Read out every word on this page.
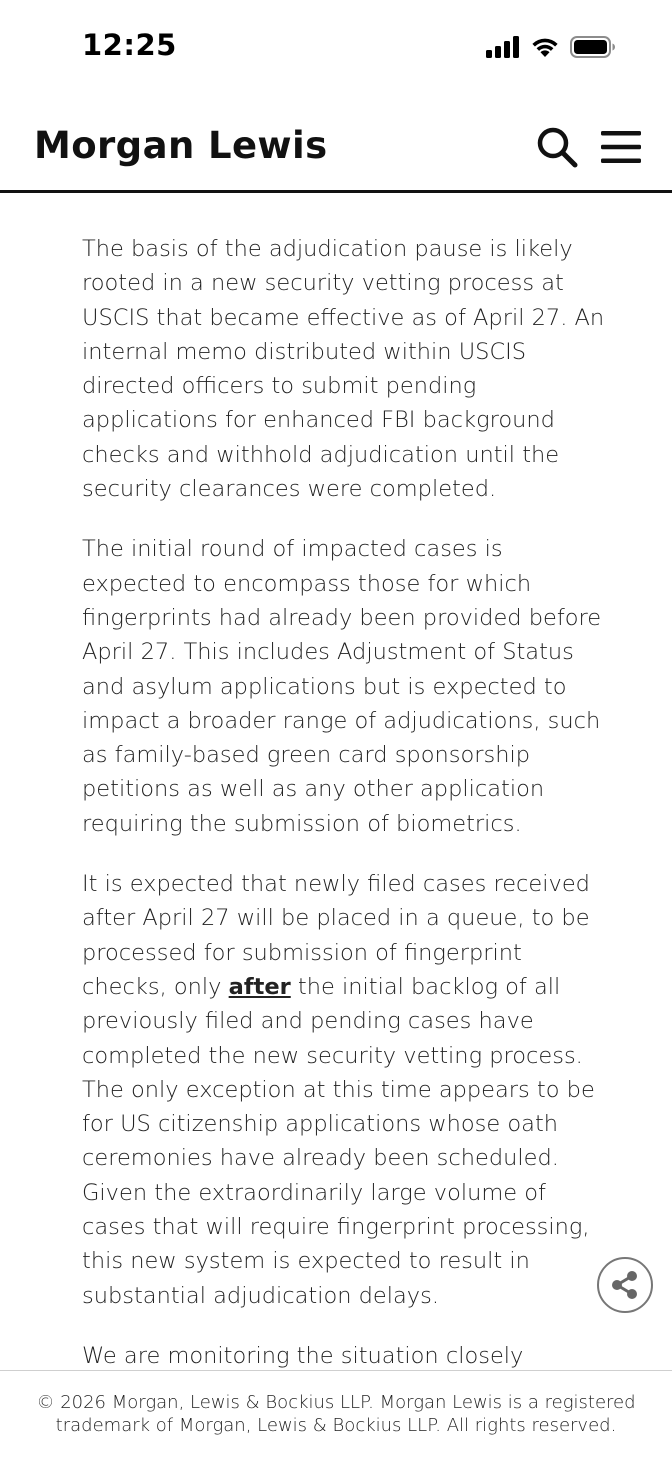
12:25
Morgan Lewis

The basis of the adjudication pause is likely rooted in a new security vetting process at USCIS that became effective as of April 27. An internal memo distributed within USCIS directed officers to submit pending applications for enhanced FBI background checks and withhold adjudication until the security clearances were completed.

The initial round of impacted cases is expected to encompass those for which fingerprints had already been provided before April 27. This includes Adjustment of Status and asylum applications but is expected to impact a broader range of adjudications, such as family-based green card sponsorship petitions as well as any other application requiring the submission of biometrics.

It is expected that newly filed cases received after April 27 will be placed in a queue, to be processed for submission of fingerprint checks, only after the initial backlog of all previously filed and pending cases have completed the new security vetting process. The only exception at this time appears to be for US citizenship applications whose oath ceremonies have already been scheduled. Given the extraordinarily large volume of cases that will require fingerprint processing, this new system is expected to result in substantial adjudication delays.

We are monitoring the situation closely

© 2026 Morgan, Lewis & Bockius LLP. Morgan Lewis is a registered trademark of Morgan, Lewis & Bockius LLP. All rights reserved.
